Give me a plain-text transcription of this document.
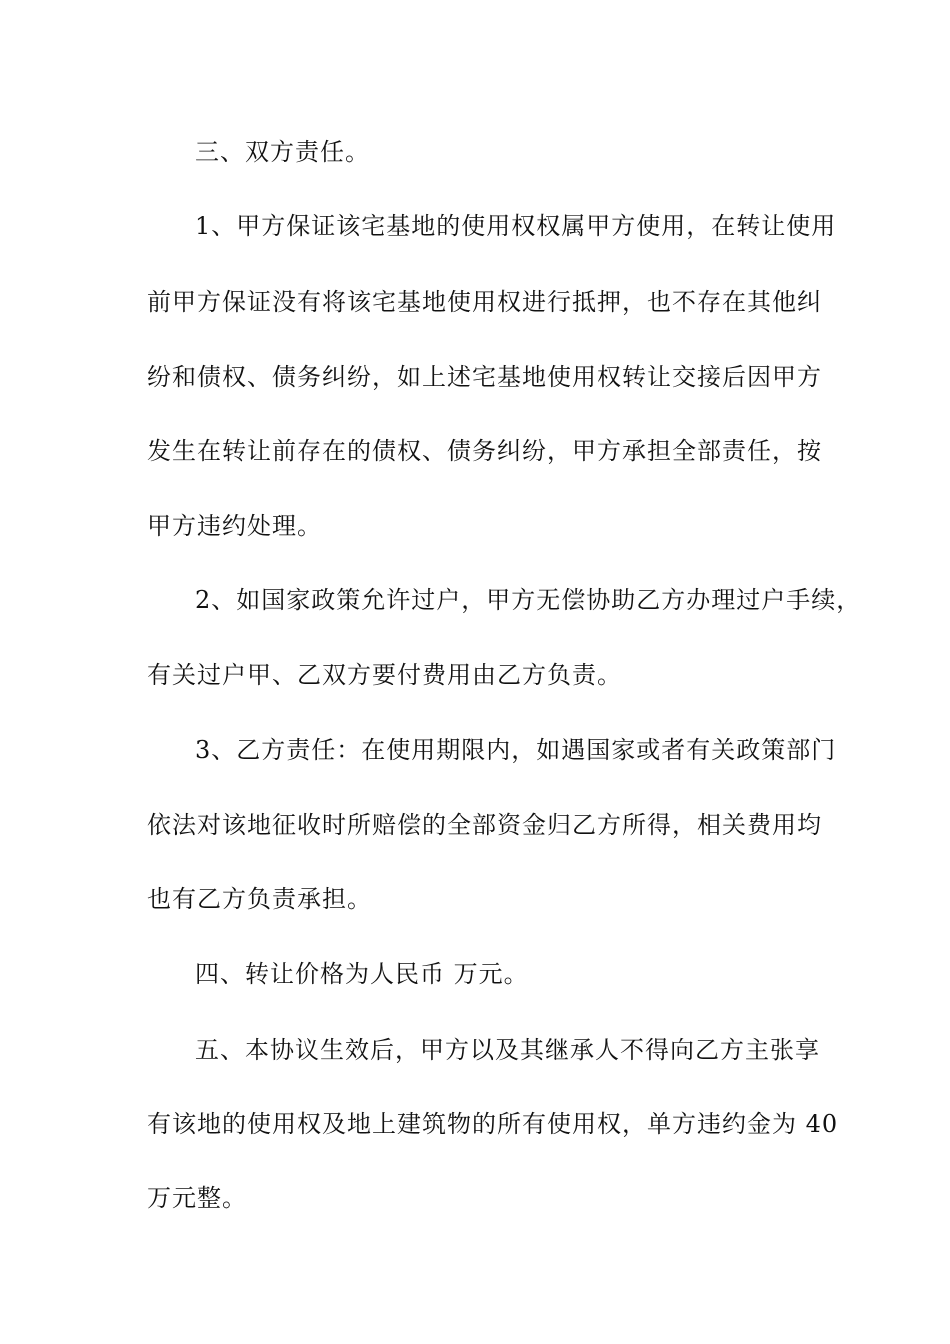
三、双方责任。
1、甲方保证该宅基地的使用权权属甲方使用，在转让使用
前甲方保证没有将该宅基地使用权进行抵押，也不存在其他纠
纷和债权、债务纠纷，如上述宅基地使用权转让交接后因甲方
发生在转让前存在的债权、债务纠纷，甲方承担全部责任，按
甲方违约处理。
2、如国家政策允许过户，甲方无偿协助乙方办理过户手续，
有关过户甲、乙双方要付费用由乙方负责。
3、乙方责任：在使用期限内，如遇国家或者有关政策部门
依法对该地征收时所赔偿的全部资金归乙方所得，相关费用均
也有乙方负责承担。
四、转让价格为人民币 万元。
五、本协议生效后，甲方以及其继承人不得向乙方主张享
有该地的使用权及地上建筑物的所有使用权，单方违约金为 40
万元整。
